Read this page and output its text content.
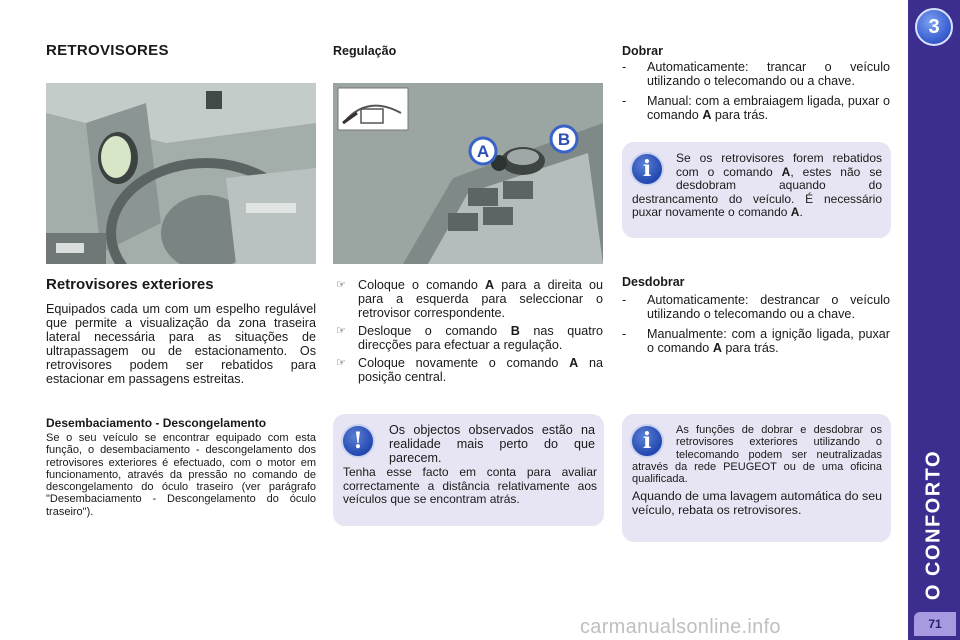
RETROVISORES
Retrovisores exteriores
Equipados cada um com um espelho regulável que permite a visualização da zona traseira lateral necessária para as situações de ultrapassagem ou de estacionamento. Os retrovisores podem ser rebatidos para estacionar em passagens estreitas.
Desembaciamento - Descongelamento
Se o seu veículo se encontrar equipado com esta função, o desembaciamento - descongelamento dos retrovisores exteriores é efectuado, com o motor em funcionamento, através da pressão no comando de descongelamento do óculo traseiro (ver parágrafo "Desembaciamento - Descongelamento do óculo traseiro").
Regulação
A
B
☞ Coloque o comando A para a direita ou para a esquerda para seleccionar o retrovisor correspondente.
☞ Desloque o comando B nas quatro direcções para efectuar a regulação.
☞ Coloque novamente o comando A na posição central.
!	Os objectos observados estão na realidade mais perto do que parecem.
Tenha esse facto em conta para avaliar correctamente a distância relativamente aos veículos que se encontram atrás.
Dobrar
- Automaticamente: trancar o veículo utilizando o telecomando ou a chave.
- Manual: com a embraiagem ligada, puxar o comando A para trás.
i	Se os retrovisores forem rebatidos com o comando A, estes não se desdobram aquando do destrancamento do veículo. É necessário puxar novamente o comando A.
Desdobrar
- Automaticamente: destrancar o veículo utilizando o telecomando ou a chave.
- Manualmente: com a ignição ligada, puxar o comando A para trás.
i	As funções de dobrar e desdobrar os retrovisores exteriores utilizando o telecomando podem ser neutralizadas através da rede PEUGEOT ou de uma oficina qualificada.
Aquando de uma lavagem automática do seu veículo, rebata os retrovisores.
3
O CONFORTO
71
carmanualsonline.info
